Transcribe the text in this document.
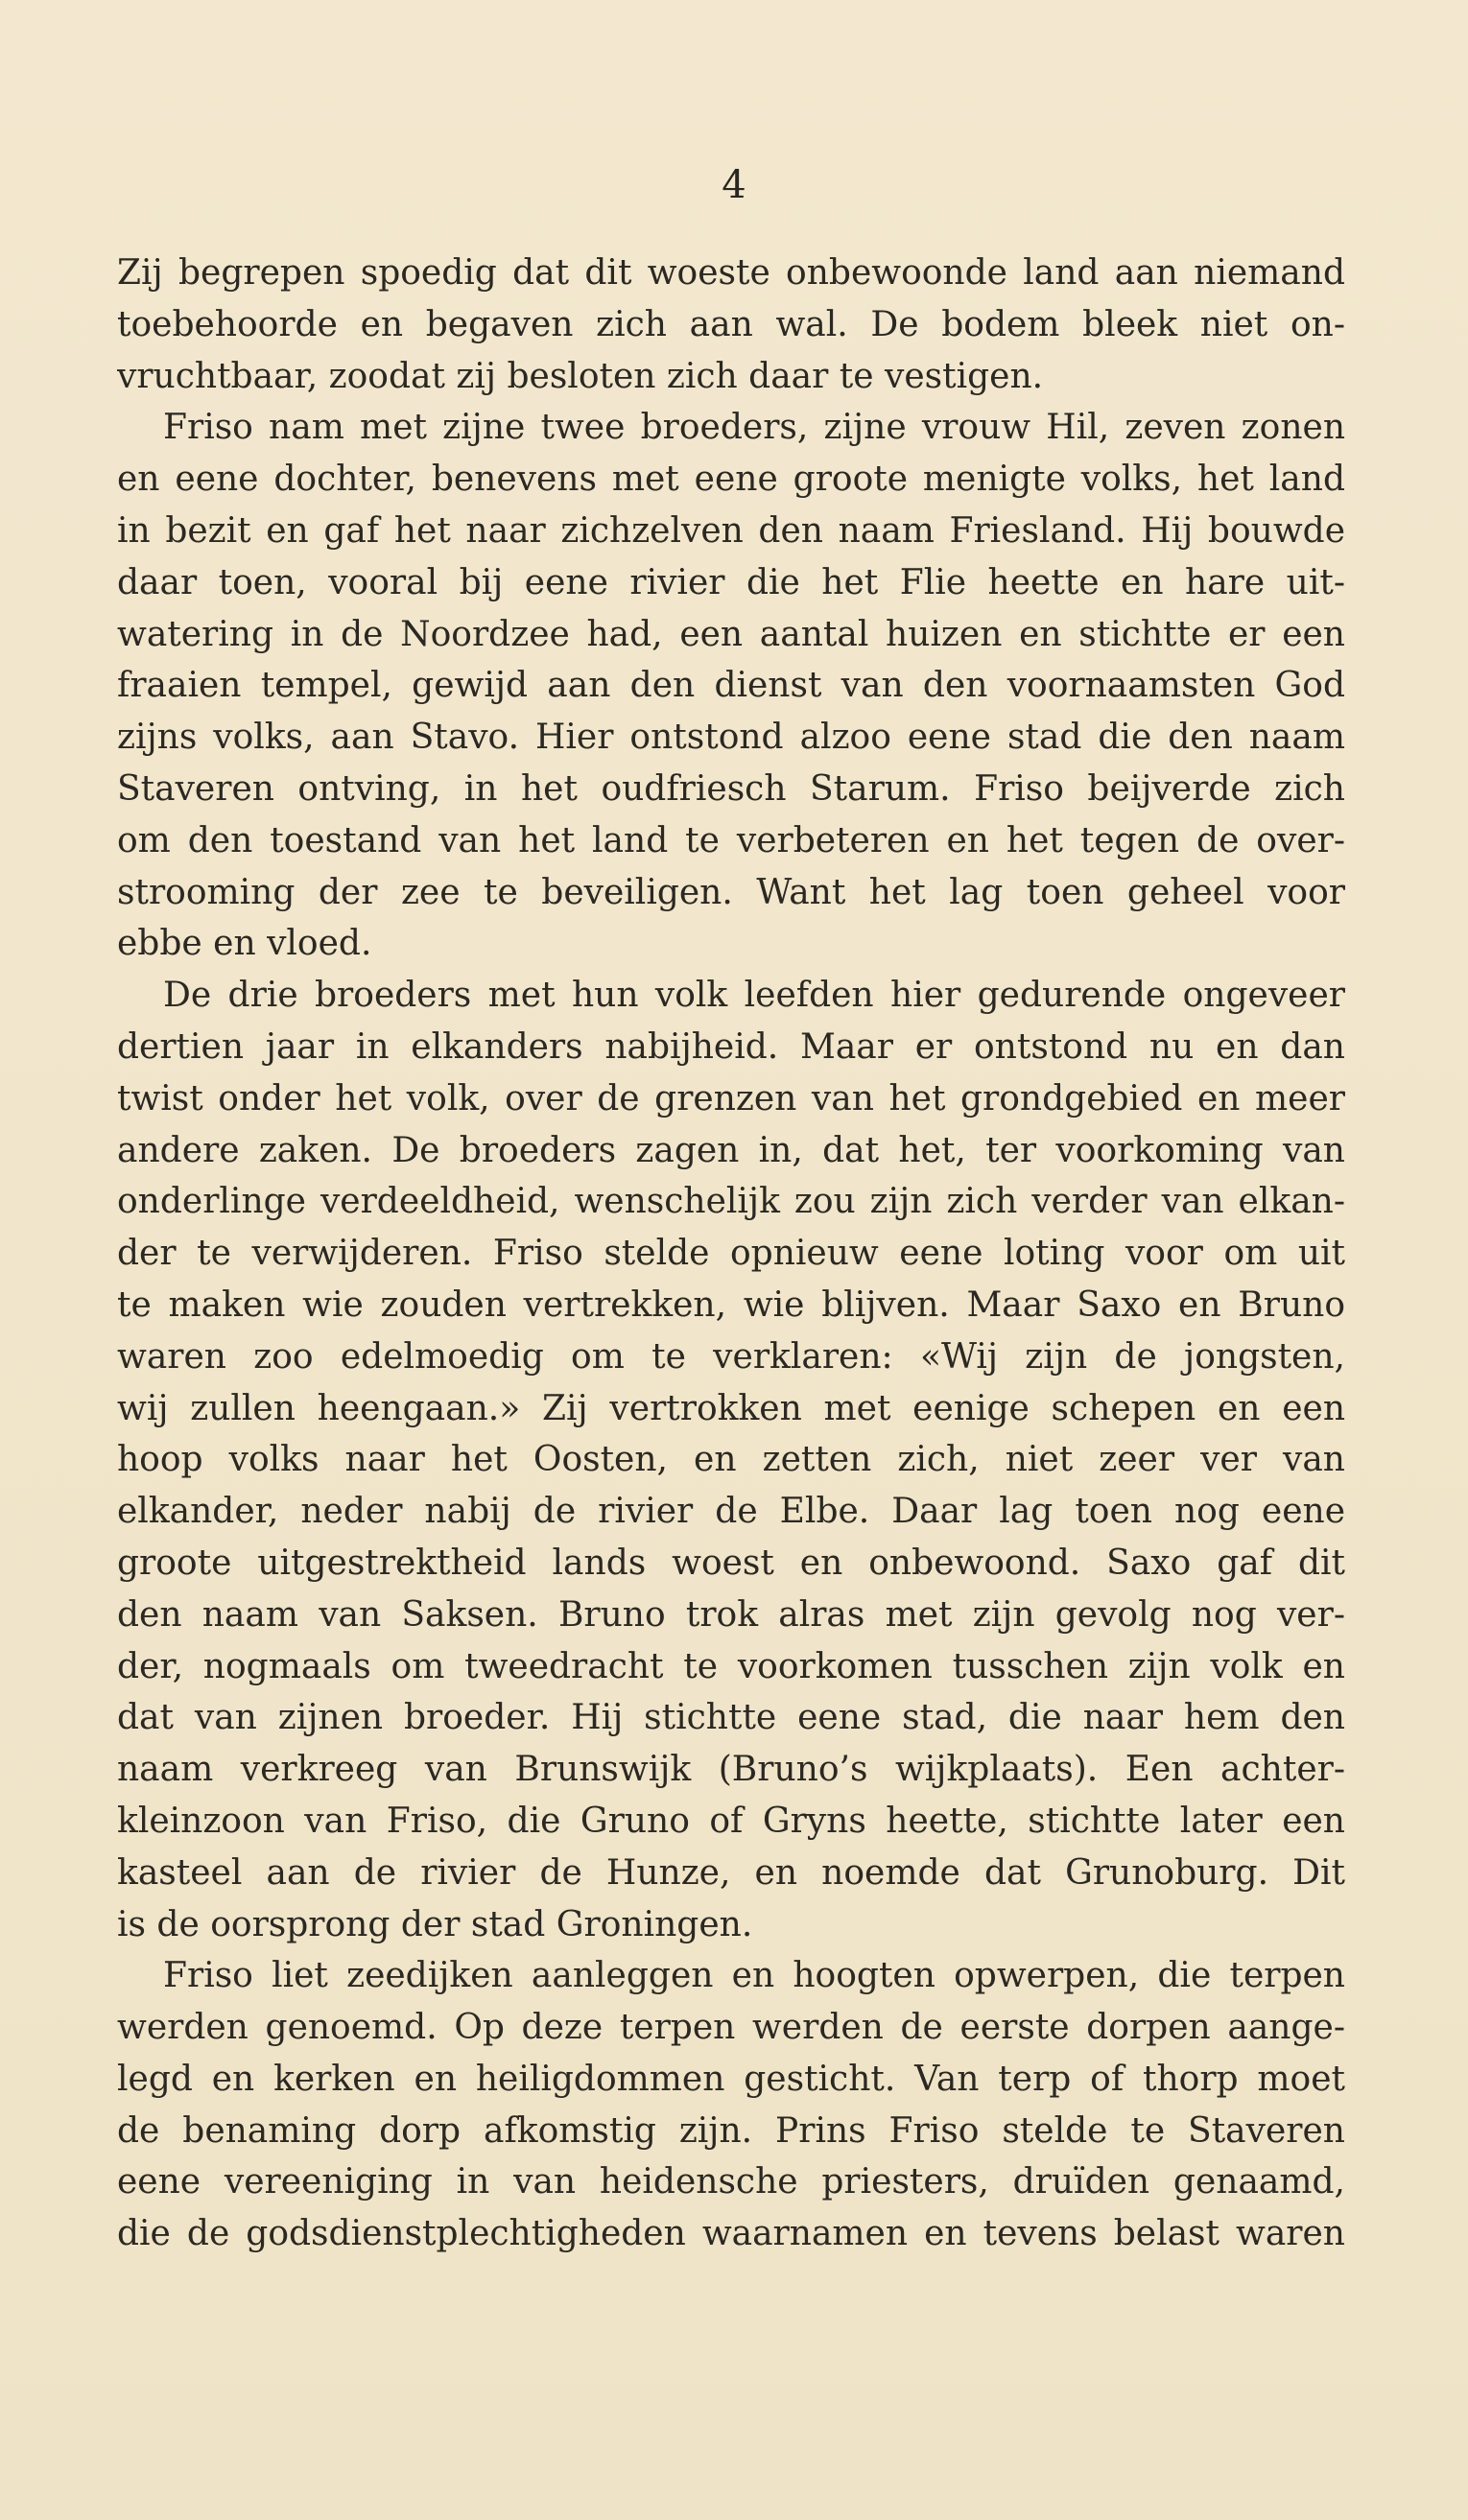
4
Zij begrepen spoedig dat dit woeste onbewoonde land aan niemand
toebehoorde en begaven zich aan wal. De bodem bleek niet on-
vruchtbaar, zoodat zij besloten zich daar te vestigen.
Friso nam met zijne twee broeders, zijne vrouw Hil, zeven zonen
en eene dochter, benevens met eene groote menigte volks, het land
in bezit en gaf het naar zichzelven den naam Friesland. Hij bouwde
daar toen, vooral bij eene rivier die het Flie heette en hare uit-
watering in de Noordzee had, een aantal huizen en stichtte er een
fraaien tempel, gewijd aan den dienst van den voornaamsten God
zijns volks, aan Stavo. Hier ontstond alzoo eene stad die den naam
Staveren ontving, in het oudfriesch Starum. Friso beijverde zich
om den toestand van het land te verbeteren en het tegen de over-
strooming der zee te beveiligen. Want het lag toen geheel voor
ebbe en vloed.
De drie broeders met hun volk leefden hier gedurende ongeveer
dertien jaar in elkanders nabijheid. Maar er ontstond nu en dan
twist onder het volk, over de grenzen van het grondgebied en meer
andere zaken. De broeders zagen in, dat het, ter voorkoming van
onderlinge verdeeldheid, wenschelijk zou zijn zich verder van elkan-
der te verwijderen. Friso stelde opnieuw eene loting voor om uit
te maken wie zouden vertrekken, wie blijven. Maar Saxo en Bruno
waren zoo edelmoedig om te verklaren: «Wij zijn de jongsten,
wij zullen heengaan.» Zij vertrokken met eenige schepen en een
hoop volks naar het Oosten, en zetten zich, niet zeer ver van
elkander, neder nabij de rivier de Elbe. Daar lag toen nog eene
groote uitgestrektheid lands woest en onbewoond. Saxo gaf dit
den naam van Saksen. Bruno trok alras met zijn gevolg nog ver-
der, nogmaals om tweedracht te voorkomen tusschen zijn volk en
dat van zijnen broeder. Hij stichtte eene stad, die naar hem den
naam verkreeg van Brunswijk (Bruno’s wijkplaats). Een achter-
kleinzoon van Friso, die Gruno of Gryns heette, stichtte later een
kasteel aan de rivier de Hunze, en noemde dat Grunoburg. Dit
is de oorsprong der stad Groningen.
Friso liet zeedijken aanleggen en hoogten opwerpen, die terpen
werden genoemd. Op deze terpen werden de eerste dorpen aange-
legd en kerken en heiligdommen gesticht. Van terp of thorp moet
de benaming dorp afkomstig zijn. Prins Friso stelde te Staveren
eene vereeniging in van heidensche priesters, druïden genaamd,
die de godsdienstplechtigheden waarnamen en tevens belast waren
